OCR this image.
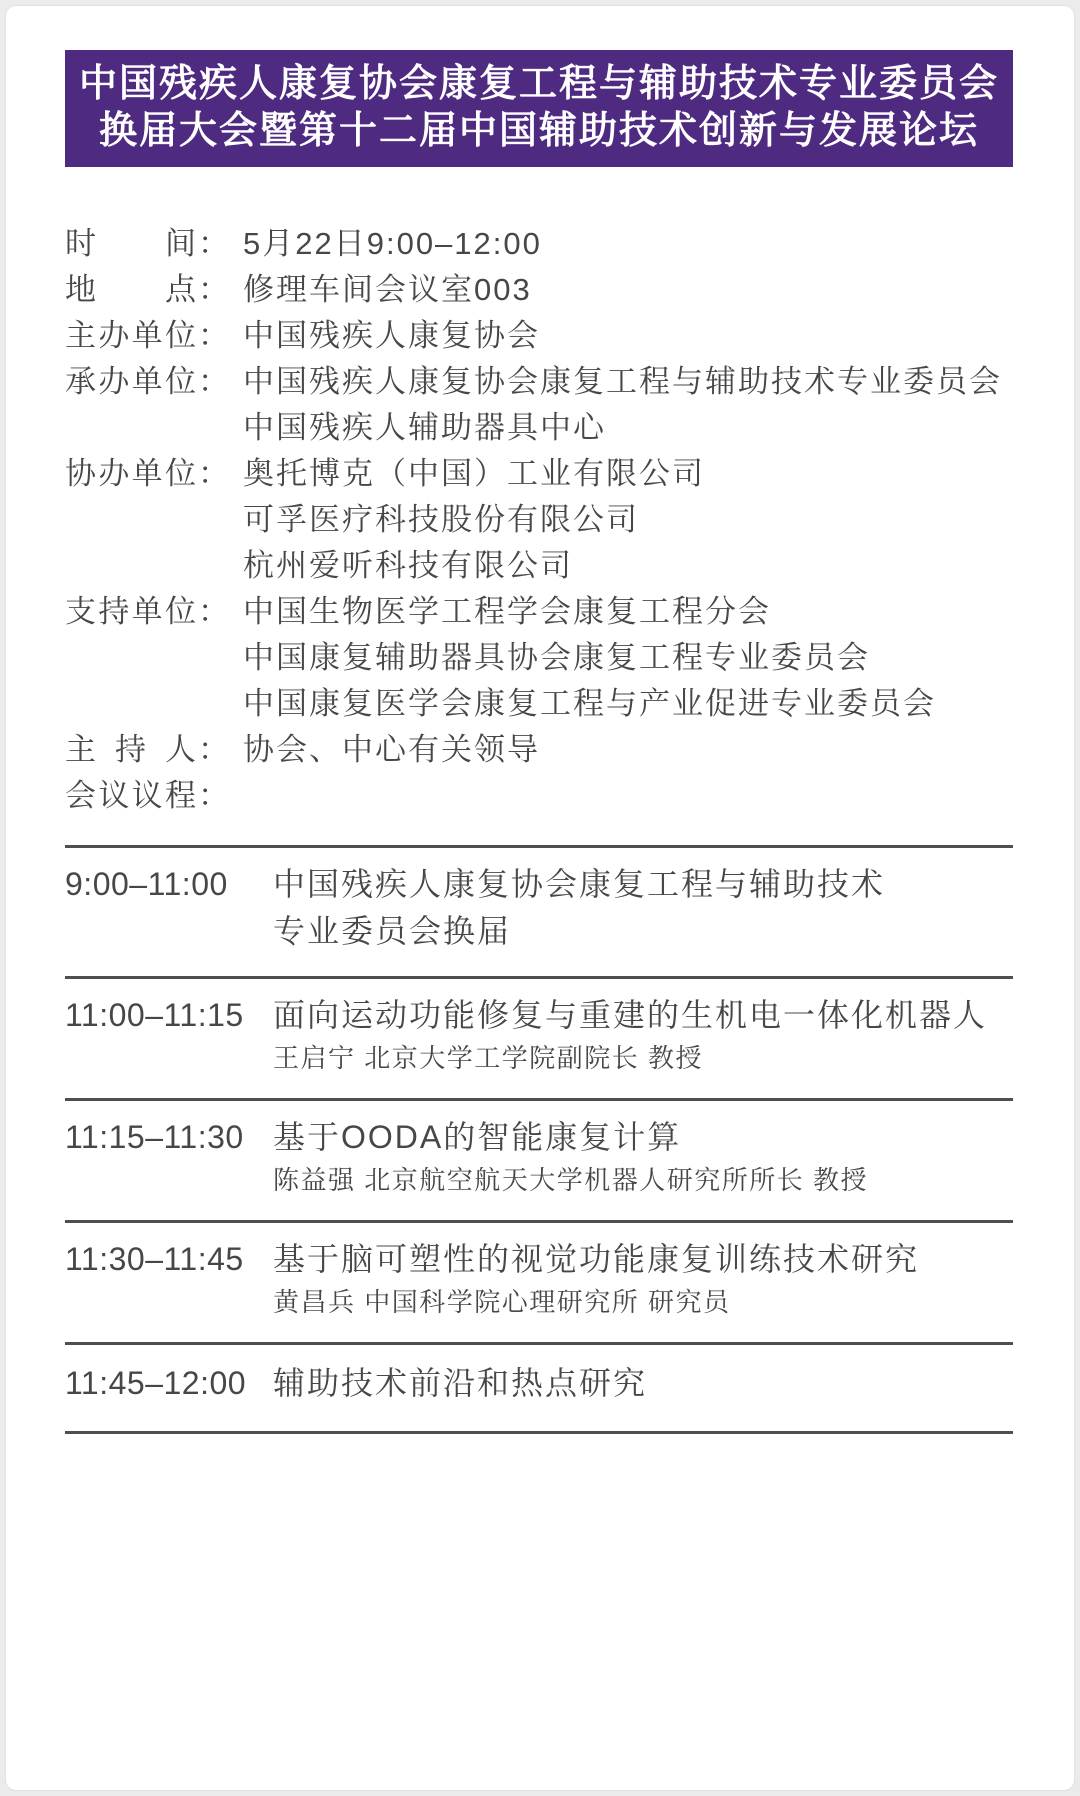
中国残疾人康复协会康复工程与辅助技术专业委员会
换届大会暨第十二届中国辅助技术创新与发展论坛
时间 ： 5月22日9:00–12:00
地点 ： 修理车间会议室003
主办单位 ： 中国残疾人康复协会
承办单位 ： 中国残疾人康复协会康复工程与辅助技术专业委员会
中国残疾人辅助器具中心
协办单位 ： 奥托博克（中国）工业有限公司
可孚医疗科技股份有限公司
杭州爱听科技有限公司
支持单位 ： 中国生物医学工程学会康复工程分会
中国康复辅助器具协会康复工程专业委员会
中国康复医学会康复工程与产业促进专业委员会
主持人 ： 协会、中心有关领导
会议议程 ：
9:00–11:00	中国残疾人康复协会康复工程与辅助技术
专业委员会换届
11:00–11:15 面向运动功能修复与重建的生机电一体化机器人
王启宁 北京大学工学院副院长 教授
11:15–11:30 基于OODA的智能康复计算
陈益强 北京航空航天大学机器人研究所所长 教授
11:30–11:45 基于脑可塑性的视觉功能康复训练技术研究
黄昌兵 中国科学院心理研究所 研究员
11:45–12:00 辅助技术前沿和热点研究
